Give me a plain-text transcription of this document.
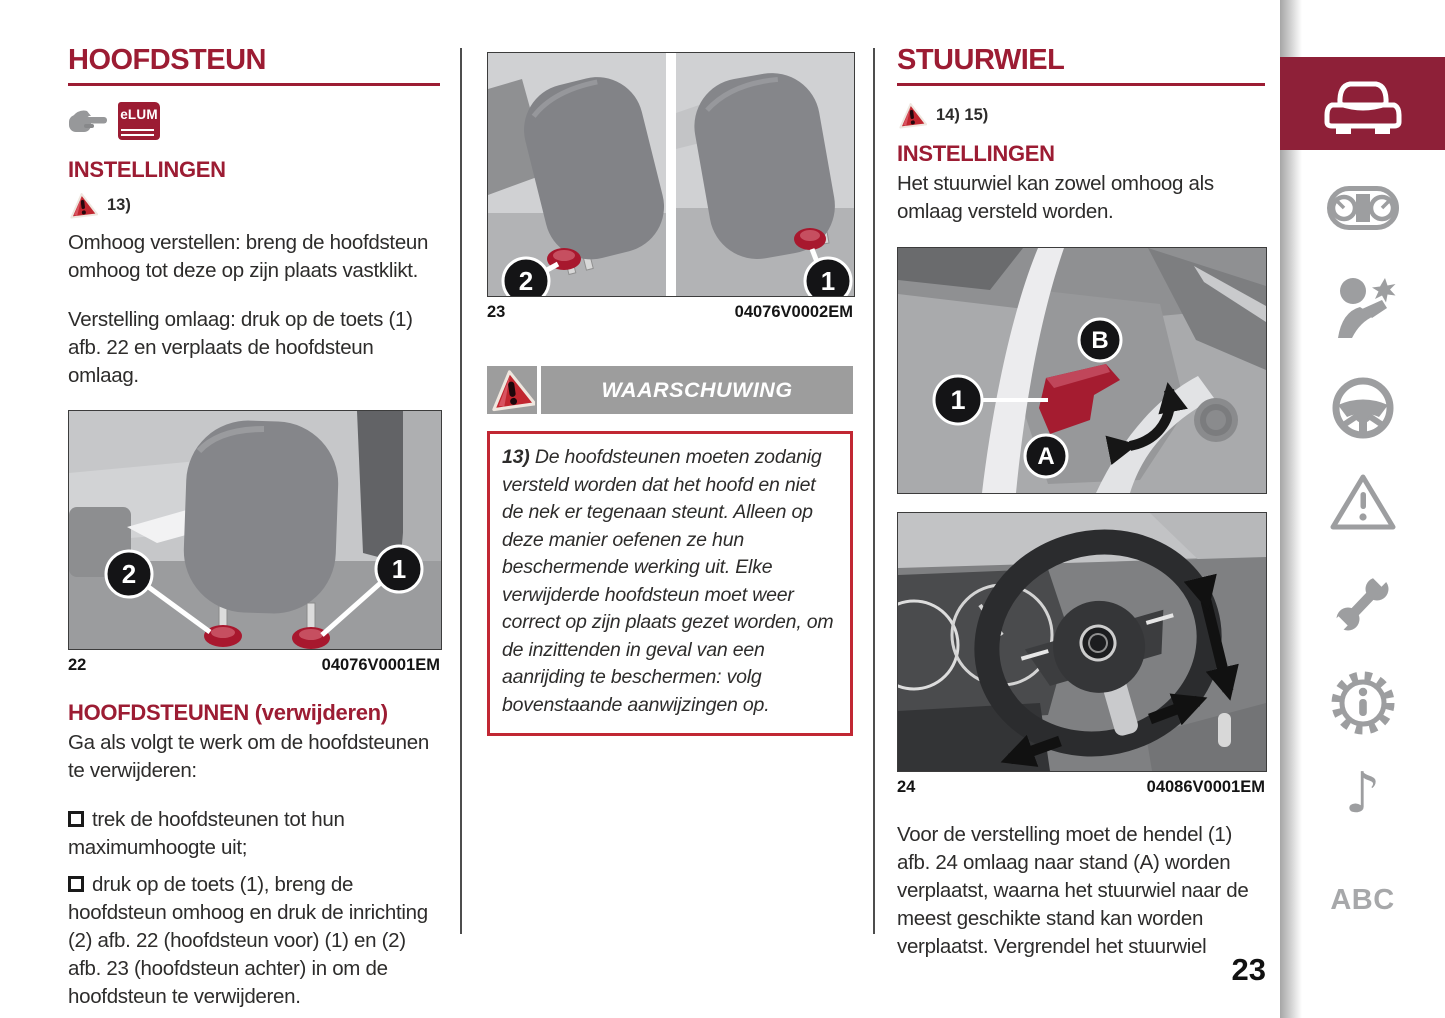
HOOFDSTEUN
eLUM
INSTELLINGEN
13)

Omhoog verstellen: breng de hoofdsteun omhoog tot deze op zijn plaats vastklikt.

Verstelling omlaag: druk op de toets (1) afb. 22 en verplaats de hoofdsteun omlaag.

2	1
22	04076V0001EM
HOOFDSTEUNEN (verwijderen)

Ga als volgt te werk om de hoofdsteunen te verwijderen:

trek de hoofdsteunen tot hun maximumhoogte uit;
druk op de toets (1), breng de hoofdsteun omhoog en druk de inrichting (2) afb. 22 (hoofdsteun voor) (1) en (2) afb. 23 (hoofdsteun achter) in om de hoofdsteun te verwijderen.
2	1
23	04076V0002EM
WAARSCHUWING

13) De hoofdsteunen moeten zodanig versteld worden dat het hoofd en niet de nek er tegenaan steunt. Alleen op deze manier oefenen ze hun beschermende werking uit. Elke verwijderde hoofdsteun moet weer correct op zijn plaats gezet worden, om de inzittenden in geval van een aanrijding te beschermen: volg bovenstaande aanwijzingen op.

STUURWIEL
14) 15)
INSTELLINGEN

Het stuurwiel kan zowel omhoog als omlaag versteld worden.

1
B
A
24	04086V0001EM

Voor de verstelling moet de hendel (1) afb. 24 omlaag naar stand (A) worden verplaatst, waarna het stuurwiel naar de meest geschikte stand kan worden verplaatst. Vergrendel het stuurwiel

♪
ABC
23
